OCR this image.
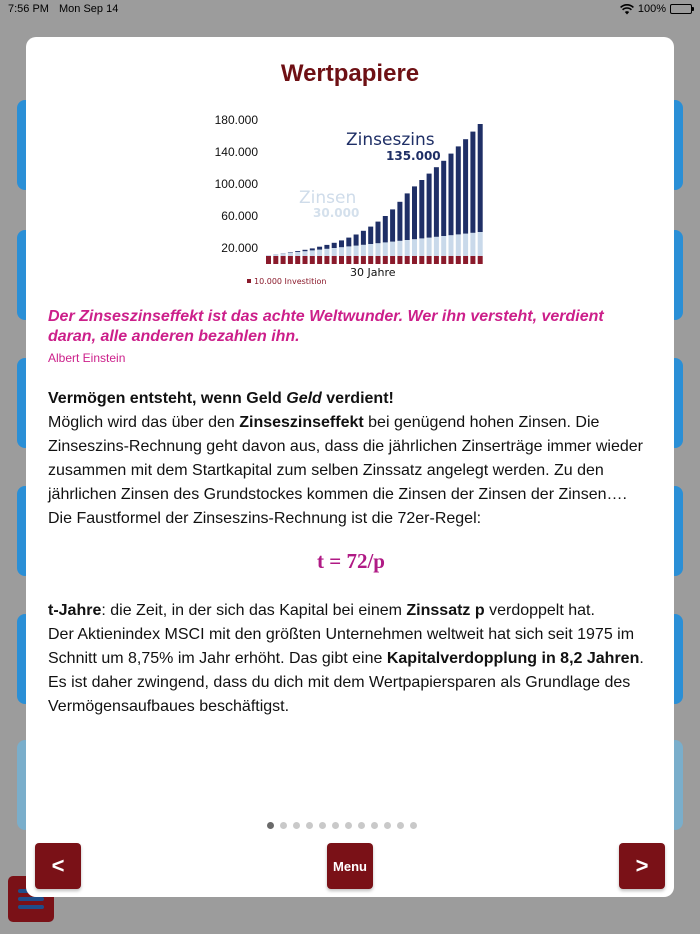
7:56 PM Mon Sep 14	100%
Wertpapiere
180.000
140.000
100.000
60.000
20.000
Zinseszins
135.000
Zinsen
30.000
30 Jahre
10.000 Investition
Der Zinseszinseffekt ist das achte Weltwunder. Wer ihn versteht, verdient daran, alle anderen bezahlen ihn.
Albert Einstein

Vermögen entsteht, wenn Geld Geld verdient!

Möglich wird das über den Zinseszinseffekt bei genügend hohen Zinsen. Die Zinseszins-Rechnung geht davon aus, dass die jährlichen Zinserträge immer wieder zusammen mit dem Startkapital zum selben Zinssatz angelegt werden. Zu den jährlichen Zinsen des Grundstockes kommen die Zinsen der Zinsen der Zinsen….

Die Faustformel der Zinseszins-Rechnung ist die 72er-Regel:

t = 72/p

t-Jahre: die Zeit, in der sich das Kapital bei einem Zinssatz p verdoppelt hat.

Der Aktienindex MSCI mit den größten Unternehmen weltweit hat sich seit 1975 im Schnitt um 8,75% im Jahr erhöht. Das gibt eine Kapitalverdopplung in 8,2 Jahren. Es ist daher zwingend, dass du dich mit dem Wertpapiersparen als Grundlage des Vermögensaufbaues beschäftigst.

<	Menu	>
